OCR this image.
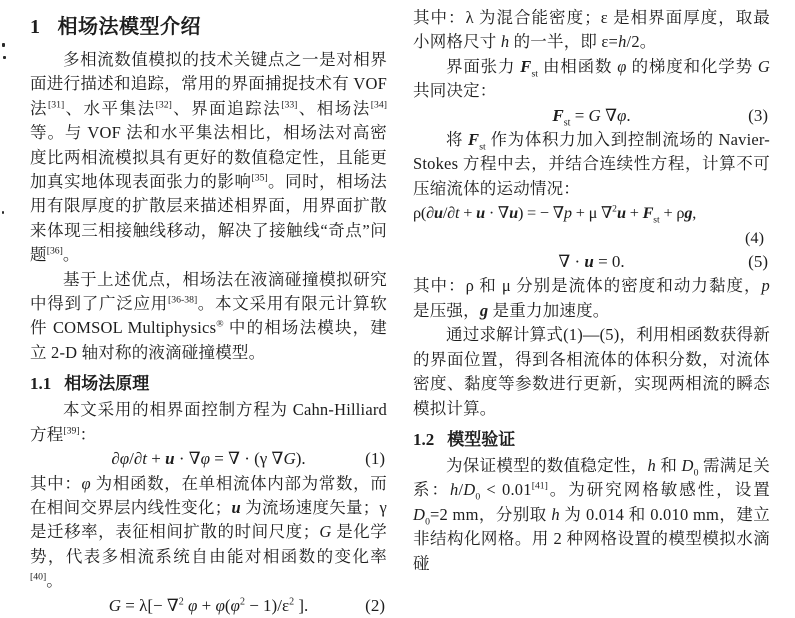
1 相场法模型介绍

多相流数值模拟的技术关键点之一是对相界面进行描述和追踪，常用的界面捕捉技术有 VOF 法[31]、水平集法[32]、界面追踪法[33]、相场法[34]等。与 VOF 法和水平集法相比，相场法对高密度比两相流模拟具有更好的数值稳定性，且能更加真实地体现表面张力的影响[35]。同时，相场法用有限厚度的扩散层来描述相界面，用界面扩散来体现三相接触线移动，解决了接触线“奇点”问题[36]。

基于上述优点，相场法在液滴碰撞模拟研究中得到了广泛应用[36-38]。本文采用有限元计算软件 COMSOL Multiphysics® 中的相场法模块，建立 2-D 轴对称的液滴碰撞模型。

1.1 相场法原理

本文采用的相界面控制方程为 Cahn-Hilliard 方程[39]：

∂φ/∂t + u · ∇φ = ∇ · (γ ∇G).	(1)

其中：φ 为相函数，在单相流体内部为常数，而在相间交界层内线性变化；u 为流场速度矢量；γ 是迁移率，表征相间扩散的时间尺度；G 是化学势，代表多相流系统自由能对相函数的变化率[40]。

G = λ[− ∇$^2$ $\varphi + \varphi(\varphi^2 - 1)/\varepsilon^2$ ].	(2)

其中：λ 为混合能密度；ε 是相界面厚度，取最小网格尺寸 h 的一半，即 ε=h/2。

界面张力 $F_{st}$ 由相函数 φ 的梯度和化学势 G 共同决定：

$F_{st} = G$ ∇φ.	(3)

将 $F_{st}$ 作为体积力加入到控制流场的 Navier-Stokes 方程中去，并结合连续性方程，计算不可压缩流体的运动情况：

ρ(∂u/∂t + u · ∇u) = − ∇p + μ $\nabla^2u + F_{st} + \rho g$,
(4)
∇ · u = 0.	(5)

其中：ρ 和 μ 分别是流体的密度和动力黏度，p 是压强，g 是重力加速度。

通过求解计算式(1)—(5)，利用相函数获得新的界面位置，得到各相流体的体积分数，对流体密度、黏度等参数进行更新，实现两相流的瞬态模拟计算。

1.2 模型验证

为保证模型的数值稳定性，h 和 $D_0$ 需满足关系：$h/D_0 < 0.01[41]$。为研究网格敏感性，设置 $D_0=2$ mm，分别取 h 为 0.014 和 0.010 mm，建立非结构化网格。用 2 种网格设置的模型模拟水滴碰
